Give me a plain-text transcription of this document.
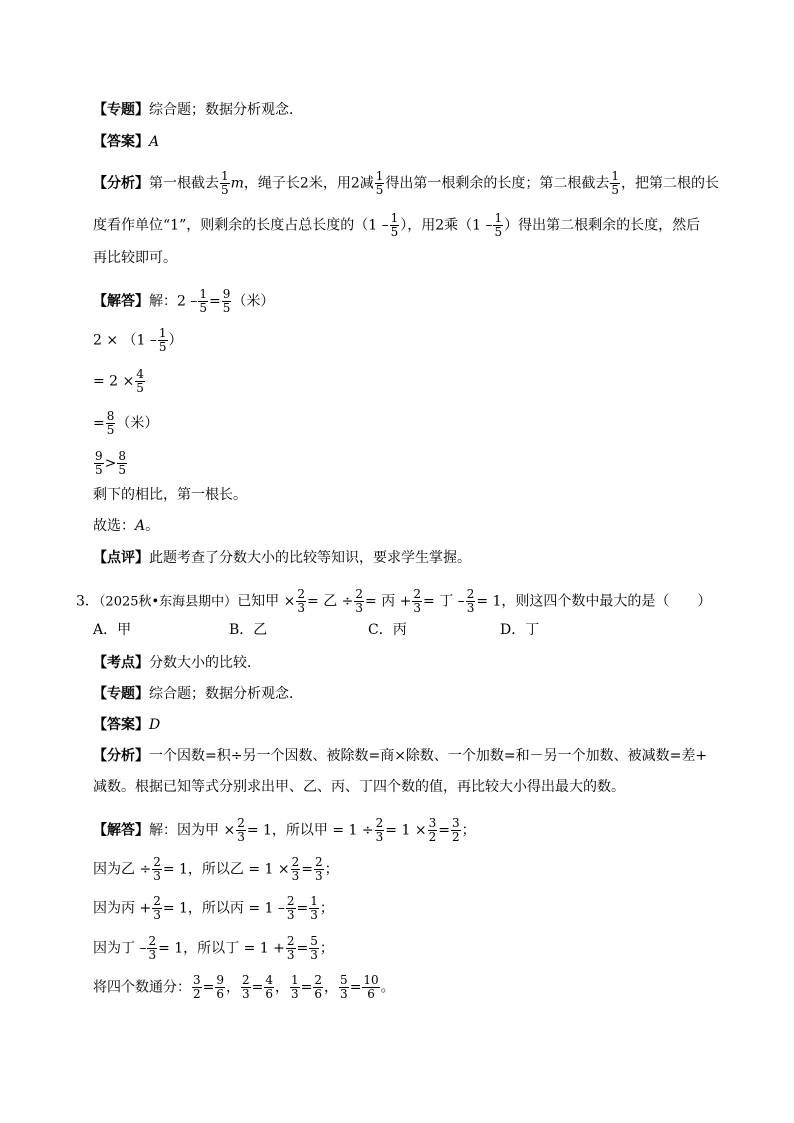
【专题】综合题；数据分析观念．
【答案】A
【分析】第一根截去 $\frac{1}{5}$ m，绳子长2米，用2减 $\frac{1}{5}$ 得出第一根剩余的长度；第二根截去 $\frac{1}{5}$ ，把第二根的长
度看作单位“1”，则剩余的长度占总长度的（$1 - \frac{1}{5}$ ），用2乘（$1 - \frac{1}{5}$ ）得出第二根剩余的长度，然后
再比较即可。
【解答】解：$2 - \frac{1}{5} = \frac{9}{5}$ （米）
$2 \times (1 - \frac{1}{5}$ ）
= $2 \times \frac{4}{5}$
= $\frac{8}{5}$ （米）
$\frac{9}{5} > \frac{8}{5}$
剩下的相比，第一根长。
故选：A。
【点评】此题考查了分数大小的比较等知识，要求学生掌握。
3．（2025秋•东海县期中）已知甲 × $\frac{2}{3}$ = 乙 ÷ $\frac{2}{3}$ = 丙 + $\frac{2}{3}$ = 丁 – $\frac{2}{3} = 1$，则这四个数中最大的是（　　）
A．甲	B．乙	C．丙	D．丁
【考点】分数大小的比较．
【专题】综合题；数据分析观念．
【答案】D
【分析】一个因数=积÷另一个因数、被除数=商×除数、一个加数=和－另一个加数、被减数=差+
减数。根据已知等式分别求出甲、乙、丙、丁四个数的值，再比较大小得出最大的数。
【解答】解：因为甲 × $\frac{2}{3} = 1$，所以甲 = $1 \div \frac{2}{3} = 1 \times \frac{3}{2} = \frac{3}{2}$ ；
因为乙 ÷ $\frac{2}{3} = 1$，所以乙 = $1 \times \frac{2}{3} = \frac{2}{3}$ ；
因为丙 + $\frac{2}{3} = 1$，所以丙 = $1 - \frac{2}{3} = \frac{1}{3}$ ；
因为丁 – $\frac{2}{3} = 1$，所以丁 = $1 + \frac{2}{3} = \frac{5}{3}$ ；
将四个数通分： $\frac{3}{2} = \frac{9}{6}$ ， $\frac{2}{3} = \frac{4}{6}$ ， $\frac{1}{3} = \frac{2}{6}$ ， $\frac{5}{3} = \frac{10}{6}$ 。
